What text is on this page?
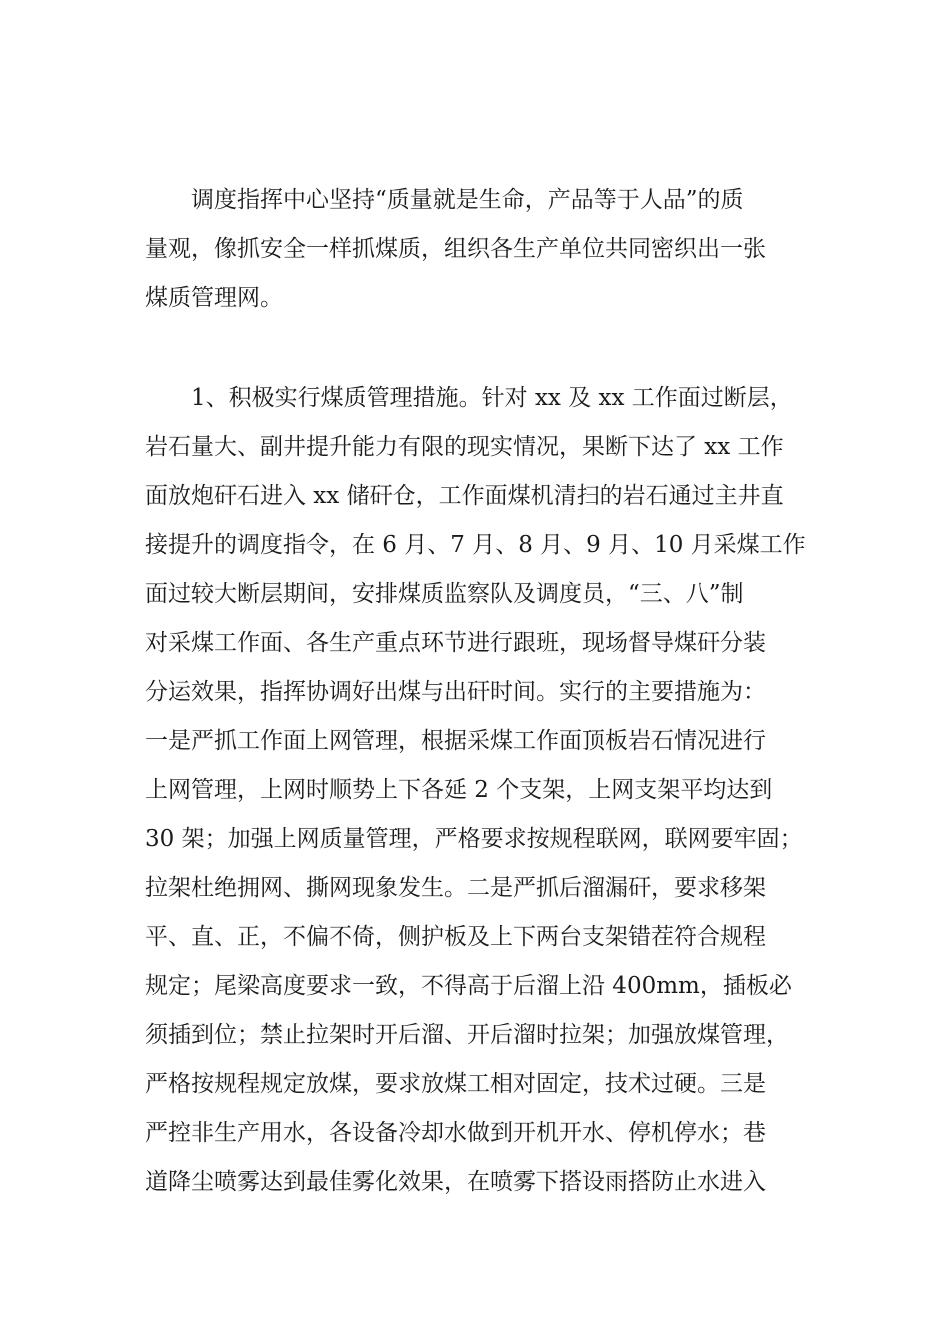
　　调度指挥中心坚持“质量就是生命，产品等于人品”的质
量观，像抓安全一样抓煤质，组织各生产单位共同密织出一张
煤质管理网。
　　1、积极实行煤质管理措施。针对 xx 及 xx 工作面过断层，
岩石量大、副井提升能力有限的现实情况，果断下达了 xx 工作
面放炮矸石进入 xx 储矸仓，工作面煤机清扫的岩石通过主井直
接提升的调度指令，在 6 月、7 月、8 月、9 月、10 月采煤工作
面过较大断层期间，安排煤质监察队及调度员，“三、八”制
对采煤工作面、各生产重点环节进行跟班，现场督导煤矸分装
分运效果，指挥协调好出煤与出矸时间。实行的主要措施为：
一是严抓工作面上网管理，根据采煤工作面顶板岩石情况进行
上网管理，上网时顺势上下各延 2 个支架，上网支架平均达到
30 架；加强上网质量管理，严格要求按规程联网，联网要牢固；
拉架杜绝拥网、撕网现象发生。二是严抓后溜漏矸，要求移架
平、直、正，不偏不倚，侧护板及上下两台支架错茬符合规程
规定；尾梁高度要求一致，不得高于后溜上沿 400mm，插板必
须插到位；禁止拉架时开后溜、开后溜时拉架；加强放煤管理，
严格按规程规定放煤，要求放煤工相对固定，技术过硬。三是
严控非生产用水，各设备冷却水做到开机开水、停机停水；巷
道降尘喷雾达到最佳雾化效果，在喷雾下搭设雨搭防止水进入
